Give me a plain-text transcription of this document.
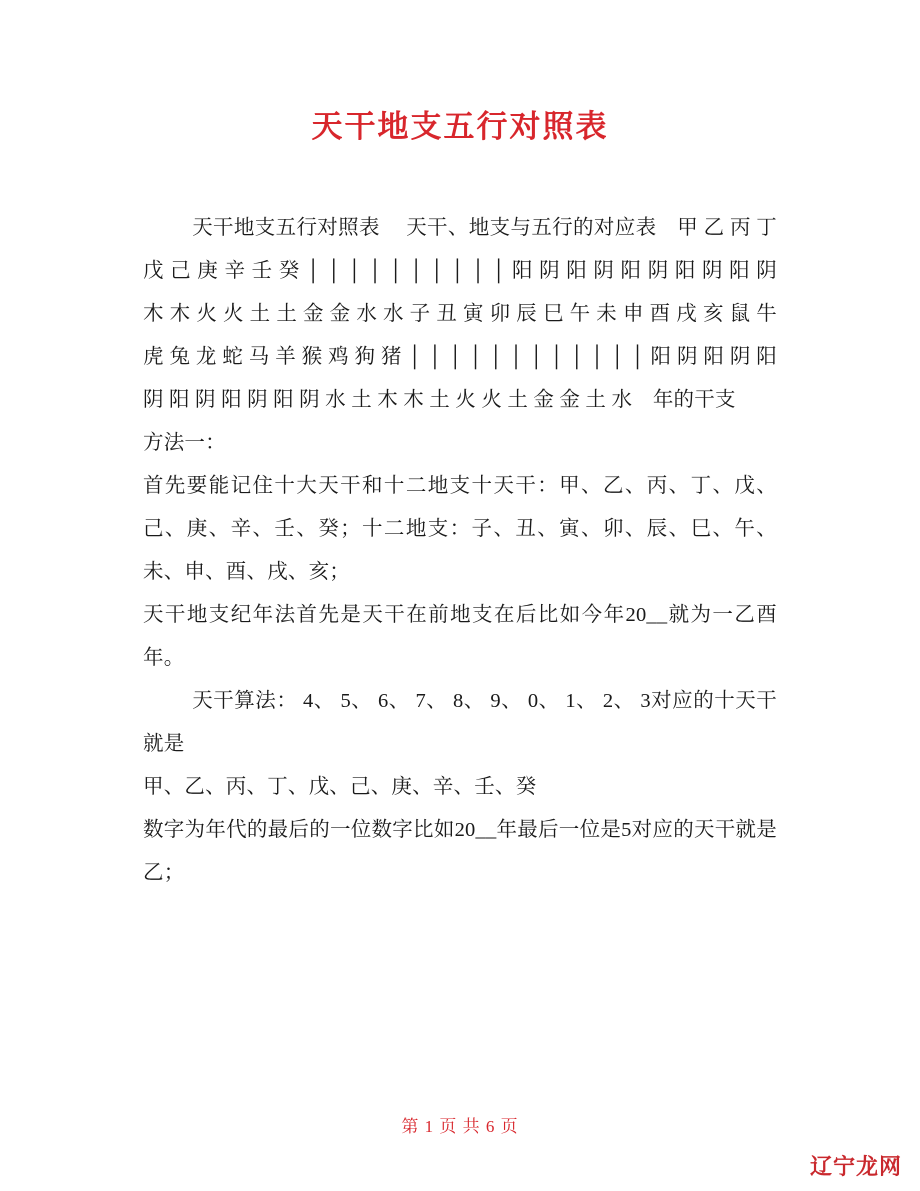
天干地支五行对照表

天干地支五行对照表　 天干、地支与五行的对应表　甲 乙 丙 丁 戊 己 庚 辛 壬 癸 │ │ │ │ │ │ │ │ │ │ 阳 阴 阳 阴 阳 阴 阳 阴 阳 阴 木 木 火 火 土 土 金 金 水 水 子 丑 寅 卯 辰 巳 午 未 申 酉 戌 亥 鼠 牛 虎 兔 龙 蛇 马 羊 猴 鸡 狗 猪 │ │ │ │ │ │ │ │ │ │ │ │ 阳 阴 阳 阴 阳 阴 阳 阴 阳 阴 阳 阴 水 土 木 木 土 火 火 土 金 金 土 水　年的干支

方法一：

首先要能记住十大天干和十二地支十天干：甲、乙、丙、丁、戊、己、庚、辛、壬、癸；十二地支：子、丑、寅、卯、辰、巳、午、未、申、酉、戌、亥；

天干地支纪年法首先是天干在前地支在后比如今年20__就为一乙酉年。

天干算法： 4、 5、 6、 7、 8、 9、 0、 1、 2、 3对应的十天干就是

甲、乙、丙、丁、戊、己、庚、辛、壬、癸

数字为年代的最后的一位数字比如20__年最后一位是5对应的天干就是乙；

第 1 页 共 6 页
辽宁龙网
